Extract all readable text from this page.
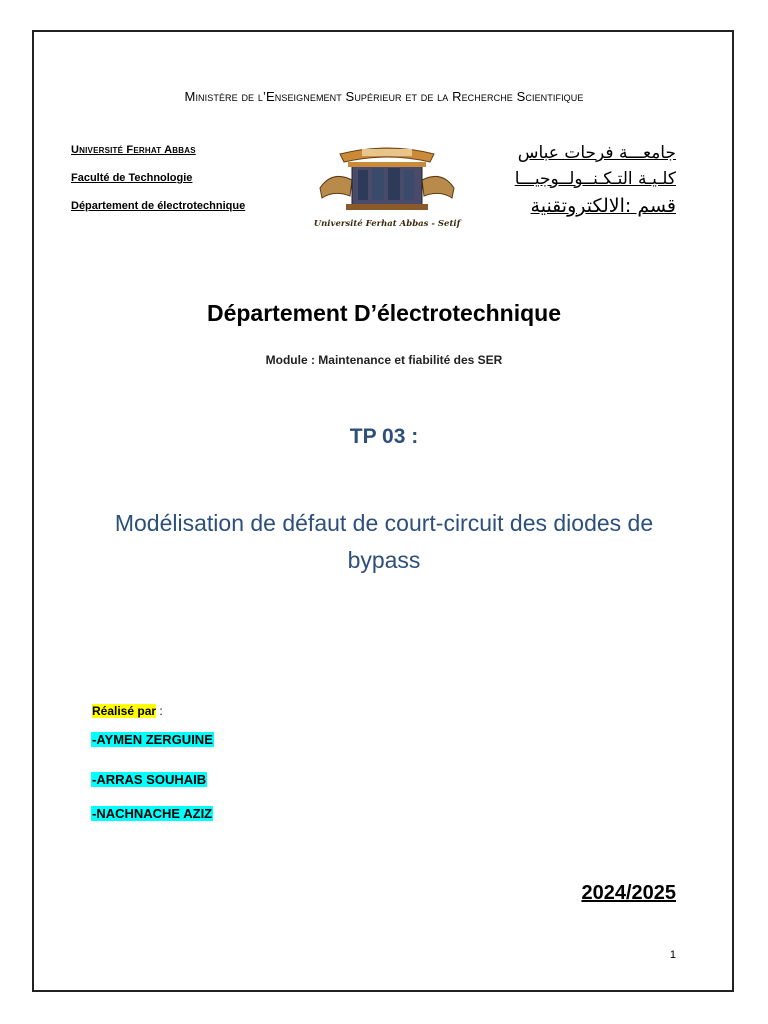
Ministère de l’Enseignement Supérieur et de la Recherche Scientifique
Université Ferhat Abbas
Faculté de Technologie
Département de électrotechnique
Université Ferhat Abbas - Setif
جامعـــة فرحات عباس
كلـيـة التـكـنــولــوجيـــا
قسم :الالكتروتقنية
Département D’électrotechnique
Module : Maintenance et fiabilité des SER
TP 03 :
Modélisation de défaut de court-circuit des diodes de bypass
Réalisé par :
-AYMEN ZERGUINE
-ARRAS SOUHAIB
-NACHNACHE AZIZ
2024/2025
1
